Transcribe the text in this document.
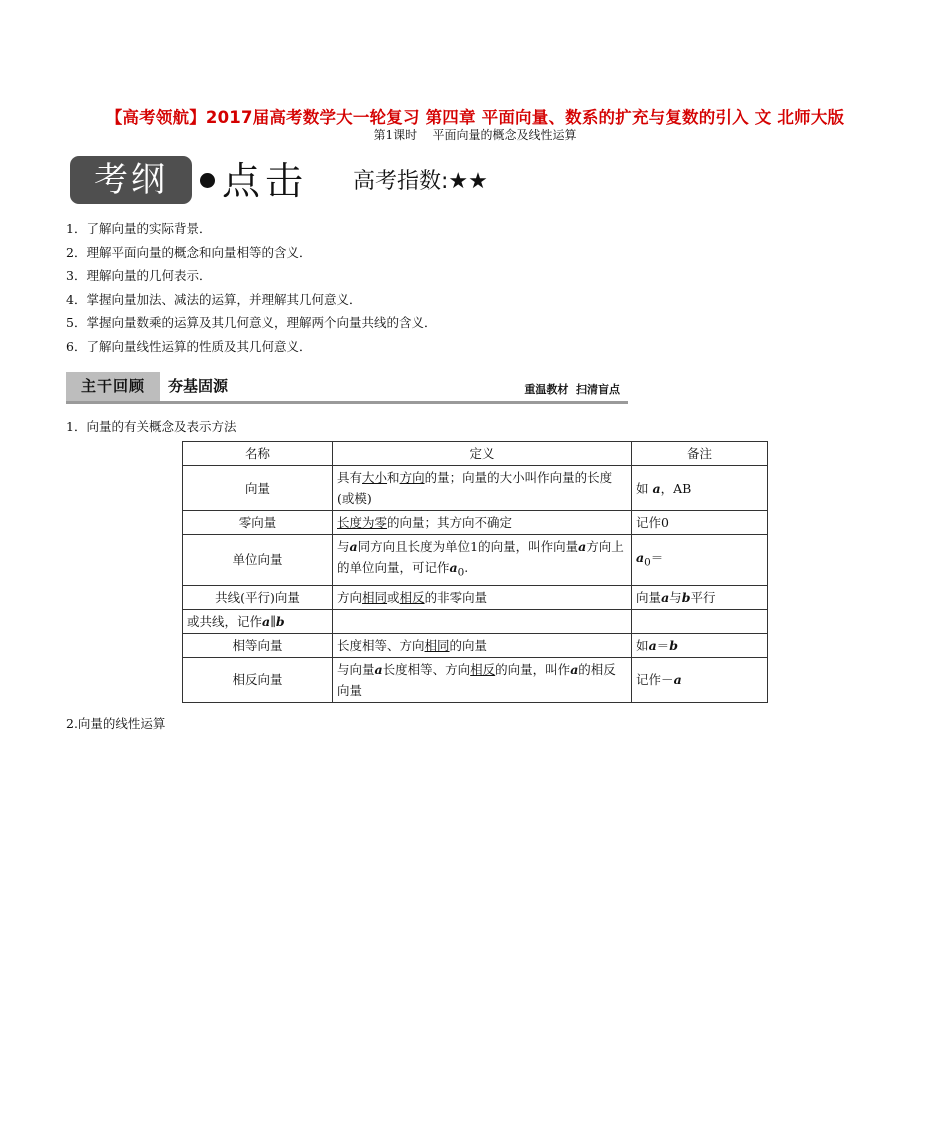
【高考领航】2017届高考数学大一轮复习 第四章 平面向量、数系的扩充与复数的引入 文 北师大版
第1课时    平面向量的概念及线性运算
考纲	点击 高考指数:★★
1．了解向量的实际背景．
2．理解平面向量的概念和向量相等的含义．
3．理解向量的几何表示．
4．掌握向量加法、减法的运算，并理解其几何意义．
5．掌握向量数乘的运算及其几何意义，理解两个向量共线的含义．
6．了解向量线性运算的性质及其几何意义．
主干回顾	夯基固源	重温教材  扫清盲点
1．向量的有关概念及表示方法
名称	定义	备注
向量	具有大小和方向的量；向量的大小叫作向量的长度(或模)	如 a，AB
零向量	长度为零的向量；其方向不确定	记作0
单位向量	与a同方向且长度为单位1的向量，叫作向量a方向上的单位向量，可记作$a_0$.	$a_0=$
共线(平行)向量	方向相同或相反的非零向量	向量a与b平行
或共线，记作a∥b		
相等向量	长度相等、方向相同的向量	如a＝b
相反向量	与向量a长度相等、方向相反的向量，叫作a的相反向量	记作－a
2.向量的线性运算
